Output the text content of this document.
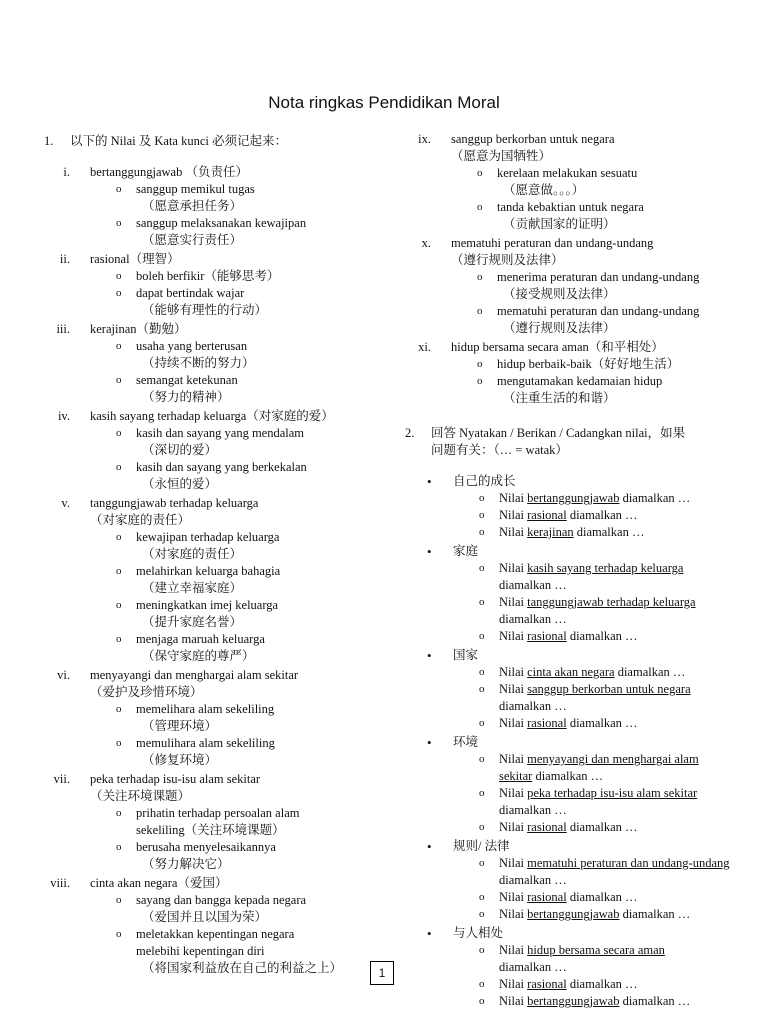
Nota ringkas Pendidikan Moral
1. 以下的 Nilai 及 Kata kunci 必须记起来：
i. bertanggungjawab （负责任）
o sanggup memikul tugas
（愿意承担任务）
o sanggup melaksanakan kewajipan
（愿意实行责任）
ii. rasional（理智）
o boleh berfikir（能够思考）
o dapat bertindak wajar
（能够有理性的行动）
iii. kerajinan（勤勉）
o usaha yang berterusan
（持续不断的努力）
o semangat ketekunan
（努力的精神）
iv. kasih sayang terhadap keluarga（对家庭的爱）
o kasih dan sayang yang mendalam
（深切的爱）
o kasih dan sayang yang berkekalan
（永恒的爱）
v. tanggungjawab terhadap keluarga
（对家庭的责任）
o kewajipan terhadap keluarga
（对家庭的责任）
o melahirkan keluarga bahagia
（建立幸福家庭）
o meningkatkan imej keluarga
（提升家庭名誉）
o menjaga maruah keluarga
（保守家庭的尊严）
vi. menyayangi dan menghargai alam sekitar
（爱护及珍惜环境）
o memelihara alam sekeliling
（管理环境）
o memulihara alam sekeliling
（修复环境）
vii. peka terhadap isu-isu alam sekitar
（关注环境课题）
o prihatin terhadap persoalan alam
sekeliling（关注环境课题）
o berusaha menyelesaikannya
（努力解决它）
viii. cinta akan negara（爱国）
o sayang dan bangga kepada negara
（爱国并且以国为荣）
o meletakkan kepentingan negara
melebihi kepentingan diri
（将国家利益放在自己的利益之上）
ix. sanggup berkorban untuk negara
（愿意为国牺牲）
o kerelaan melakukan sesuatu
（愿意做。。。）
o tanda kebaktian untuk negara
（贡献国家的证明）
x. mematuhi peraturan dan undang-undang
（遵行规则及法律）
o menerima peraturan dan undang-undang
（接受规则及法律）
o mematuhi peraturan dan undang-undang
（遵行规则及法律）
xi. hidup bersama secara aman（和平相处）
o hidup berbaik-baik（好好地生活）
o mengutamakan kedamaian hidup
（注重生活的和谐）
2. 回答 Nyatakan / Berikan / Cadangkan nilai，如果
问题有关：（… = watak）
• 自己的成长
o Nilai bertanggungjawab diamalkan …
o Nilai rasional diamalkan …
o Nilai kerajinan diamalkan …
• 家庭
o Nilai kasih sayang terhadap keluarga
diamalkan …
o Nilai tanggungjawab terhadap keluarga
diamalkan …
o Nilai rasional diamalkan …
• 国家
o Nilai cinta akan negara diamalkan …
o Nilai sanggup berkorban untuk negara
diamalkan …
o Nilai rasional diamalkan …
• 环境
o Nilai menyayangi dan menghargai alam sekitar diamalkan …
o Nilai peka terhadap isu-isu alam sekitar
diamalkan …
o Nilai rasional diamalkan …
• 规则/ 法律
o Nilai mematuhi peraturan dan undang-undang diamalkan …
o Nilai rasional diamalkan …
o Nilai bertanggungjawab diamalkan …
• 与人相处
o Nilai hidup bersama secara aman
diamalkan …
o Nilai rasional diamalkan …
o Nilai bertanggungjawab diamalkan …
1
